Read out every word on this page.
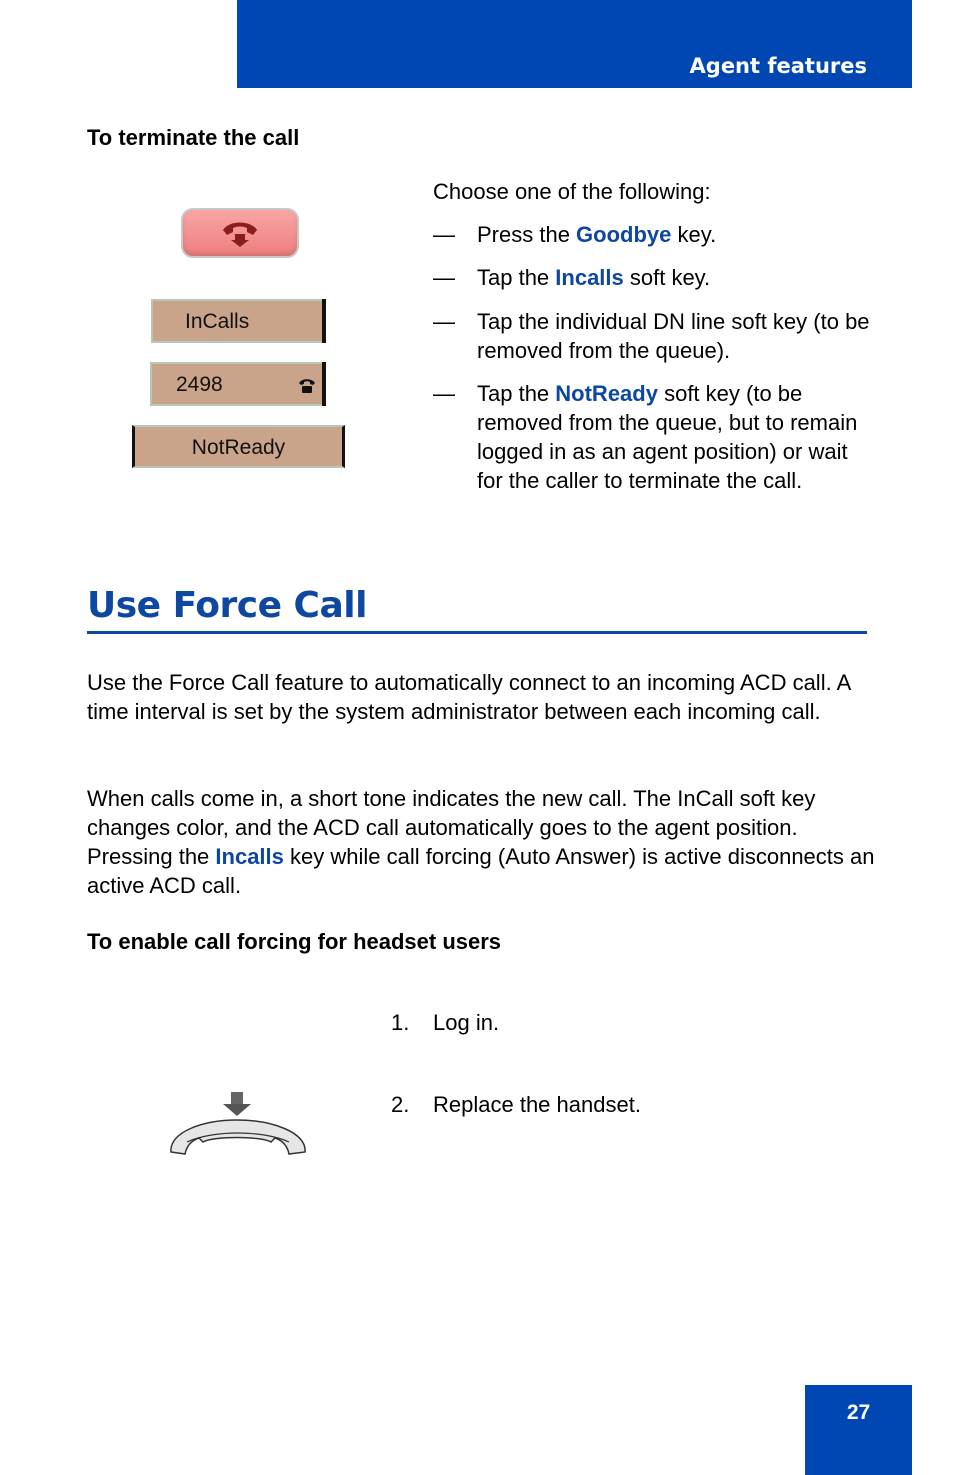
Agent features
To terminate the call
Choose one of the following:
— Press the Goodbye key.
— Tap the Incalls soft key.
— Tap the individual DN line soft key (to be removed from the queue).
— Tap the NotReady soft key (to be removed from the queue, but to remain logged in as an agent position) or wait for the caller to terminate the call.
InCalls
2498
NotReady
Use Force Call
Use the Force Call feature to automatically connect to an incoming ACD call. A time interval is set by the system administrator between each incoming call.
When calls come in, a short tone indicates the new call. The InCall soft key changes color, and the ACD call automatically goes to the agent position. Pressing the Incalls key while call forcing (Auto Answer) is active disconnects an active ACD call.
To enable call forcing for headset users
1. Log in.
2. Replace the handset.
27
